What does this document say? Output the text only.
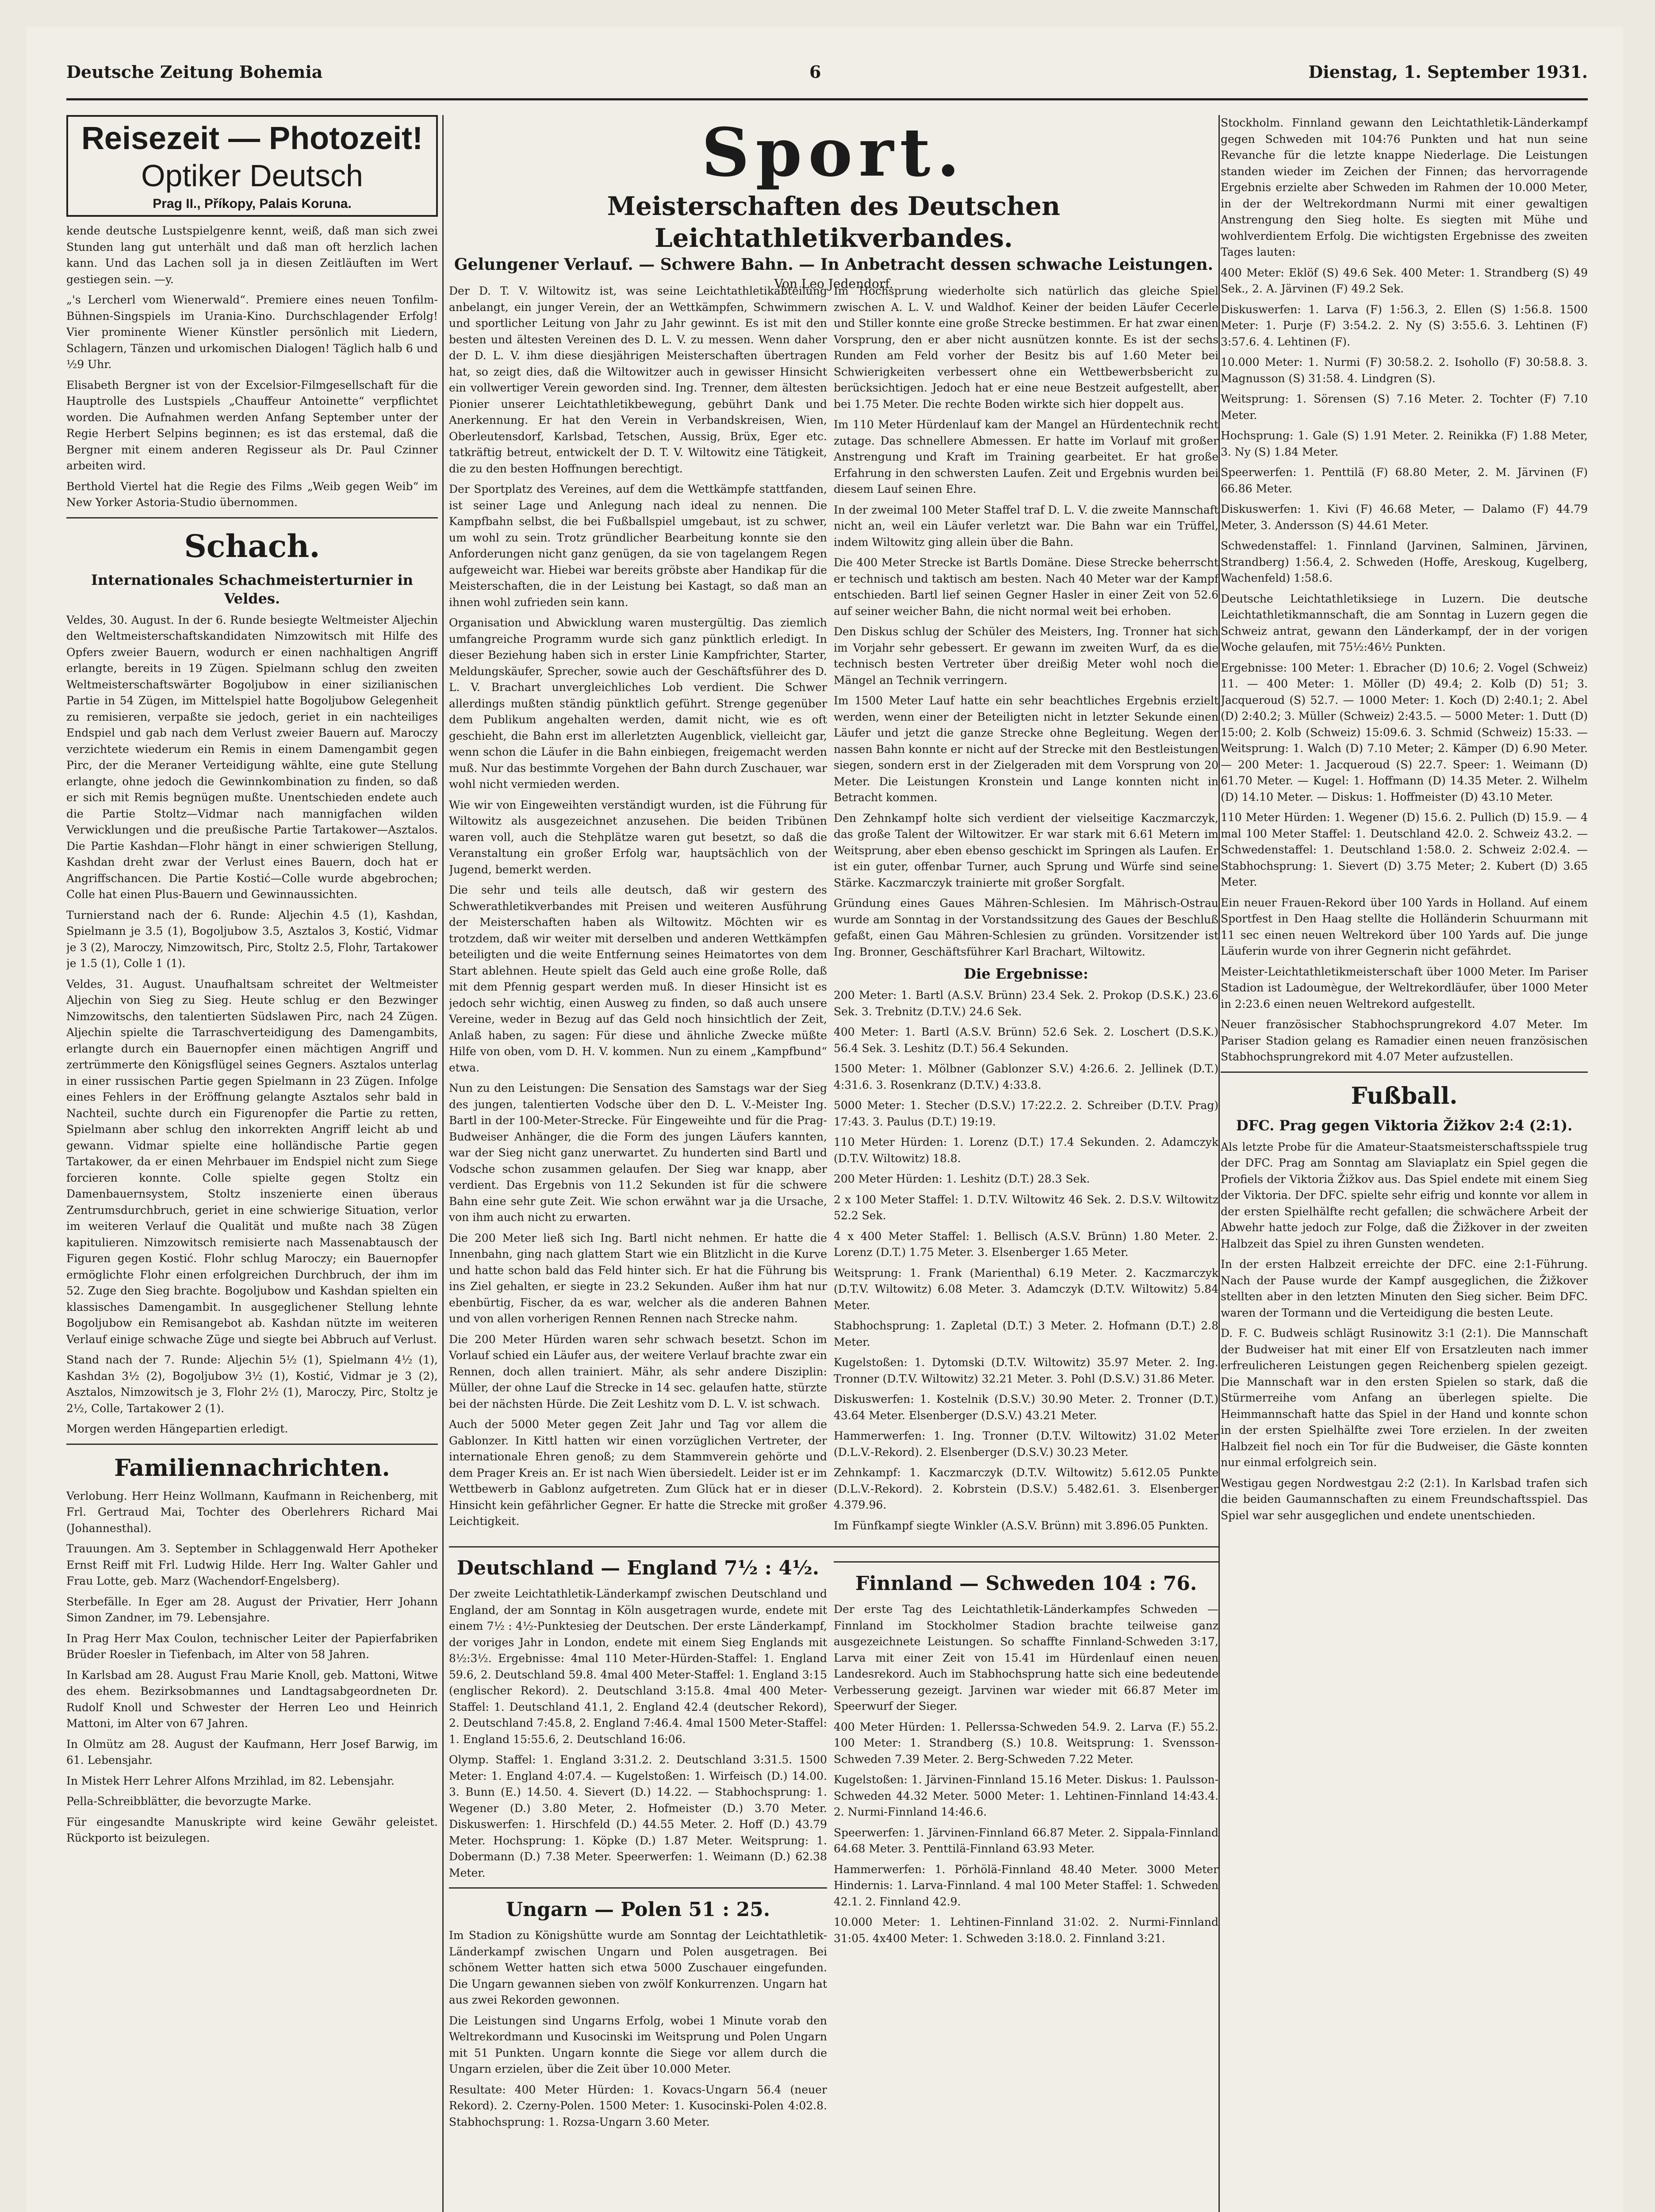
Deutsche Zeitung Bohemia	6	Dienstag, 1. September 1931.
Reisezeit — Photozeit!
Optiker Deutsch
Prag II., Příkopy, Palais Koruna.

kende deutsche Lustspielgenre kennt, weiß, daß man sich zwei Stunden lang gut unterhält und daß man oft herzlich lachen kann. Und das Lachen soll ja in diesen Zeitläuften im Wert gestiegen sein. —y.

„'s Lercherl vom Wienerwald“. Premiere eines neuen Tonfilm-Bühnen-Singspiels im Urania-Kino. Durchschlagender Erfolg! Vier prominente Wiener Künstler persönlich mit Liedern, Schlagern, Tänzen und urkomischen Dialogen! Täglich halb 6 und ½9 Uhr.

Elisabeth Bergner ist von der Excelsior-Filmgesellschaft für die Hauptrolle des Lustspiels „Chauffeur Antoinette“ verpflichtet worden. Die Aufnahmen werden Anfang September unter der Regie Herbert Selpins beginnen; es ist das erstemal, daß die Bergner mit einem anderen Regisseur als Dr. Paul Czinner arbeiten wird.

Berthold Viertel hat die Regie des Films „Weib gegen Weib“ im New Yorker Astoria-Studio übernommen.

Schach.
Internationales Schachmeisterturnier in Veldes.

Veldes, 30. August. In der 6. Runde besiegte Weltmeister Aljechin den Weltmeisterschaftskandidaten Nimzowitsch mit Hilfe des Opfers zweier Bauern, wodurch er einen nachhaltigen Angriff erlangte, bereits in 19 Zügen. Spielmann schlug den zweiten Weltmeisterschaftswärter Bogoljubow in einer sizilianischen Partie in 54 Zügen, im Mittelspiel hatte Bogoljubow Gelegenheit zu remisieren, verpaßte sie jedoch, geriet in ein nachteiliges Endspiel und gab nach dem Verlust zweier Bauern auf. Maroczy verzichtete wiederum ein Remis in einem Damengambit gegen Pirc, der die Meraner Verteidigung wählte, eine gute Stellung erlangte, ohne jedoch die Gewinnkombination zu finden, so daß er sich mit Remis begnügen mußte. Unentschieden endete auch die Partie Stoltz—Vidmar nach mannigfachen wilden Verwicklungen und die preußische Partie Tartakower—Asztalos. Die Partie Kashdan—Flohr hängt in einer schwierigen Stellung, Kashdan dreht zwar der Verlust eines Bauern, doch hat er Angriffschancen. Die Partie Kostić—Colle wurde abgebrochen; Colle hat einen Plus-Bauern und Gewinnaussichten.

Turnierstand nach der 6. Runde: Aljechin 4.5 (1), Kashdan, Spielmann je 3.5 (1), Bogoljubow 3.5, Asztalos 3, Kostić, Vidmar je 3 (2), Maroczy, Nimzowitsch, Pirc, Stoltz 2.5, Flohr, Tartakower je 1.5 (1), Colle 1 (1).

Veldes, 31. August. Unaufhaltsam schreitet der Weltmeister Aljechin von Sieg zu Sieg. Heute schlug er den Bezwinger Nimzowitschs, den talentierten Südslawen Pirc, nach 24 Zügen. Aljechin spielte die Tarraschverteidigung des Damengambits, erlangte durch ein Bauernopfer einen mächtigen Angriff und zertrümmerte den Königsflügel seines Gegners. Asztalos unterlag in einer russischen Partie gegen Spielmann in 23 Zügen. Infolge eines Fehlers in der Eröffnung gelangte Asztalos sehr bald in Nachteil, suchte durch ein Figurenopfer die Partie zu retten, Spielmann aber schlug den inkorrekten Angriff leicht ab und gewann. Vidmar spielte eine holländische Partie gegen Tartakower, da er einen Mehrbauer im Endspiel nicht zum Siege forcieren konnte. Colle spielte gegen Stoltz ein Damenbauernsystem, Stoltz inszenierte einen überaus Zentrumsdurchbruch, geriet in eine schwierige Situation, verlor im weiteren Verlauf die Qualität und mußte nach 38 Zügen kapitulieren. Nimzowitsch remisierte nach Massenabtausch der Figuren gegen Kostić. Flohr schlug Maroczy; ein Bauernopfer ermöglichte Flohr einen erfolgreichen Durchbruch, der ihm im 52. Zuge den Sieg brachte. Bogoljubow und Kashdan spielten ein klassisches Damengambit. In ausgeglichener Stellung lehnte Bogoljubow ein Remisangebot ab. Kashdan nützte im weiteren Verlauf einige schwache Züge und siegte bei Abbruch auf Verlust.

Stand nach der 7. Runde: Aljechin 5½ (1), Spielmann 4½ (1), Kashdan 3½ (2), Bogoljubow 3½ (1), Kostić, Vidmar je 3 (2), Asztalos, Nimzowitsch je 3, Flohr 2½ (1), Maroczy, Pirc, Stoltz je 2½, Colle, Tartakower 2 (1).

Morgen werden Hängepartien erledigt.

Familiennachrichten.

Verlobung. Herr Heinz Wollmann, Kaufmann in Reichenberg, mit Frl. Gertraud Mai, Tochter des Oberlehrers Richard Mai (Johannesthal).

Trauungen. Am 3. September in Schlaggenwald Herr Apotheker Ernst Reiff mit Frl. Ludwig Hilde. Herr Ing. Walter Gahler und Frau Lotte, geb. Marz (Wachendorf-Engelsberg).

Sterbefälle. In Eger am 28. August der Privatier, Herr Johann Simon Zandner, im 79. Lebensjahre.

In Prag Herr Max Coulon, technischer Leiter der Papierfabriken Brüder Roesler in Tiefenbach, im Alter von 58 Jahren.

In Karlsbad am 28. August Frau Marie Knoll, geb. Mattoni, Witwe des ehem. Bezirksobmannes und Landtagsabgeordneten Dr. Rudolf Knoll und Schwester der Herren Leo und Heinrich Mattoni, im Alter von 67 Jahren.

In Olmütz am 28. August der Kaufmann, Herr Josef Barwig, im 61. Lebensjahr.

In Mistek Herr Lehrer Alfons Mrzihlad, im 82. Lebensjahr.

Pella-Schreibblätter, die bevorzugte Marke.

Für eingesandte Manuskripte wird keine Gewähr geleistet. Rückporto ist beizulegen.

Sport.
Meisterschaften des Deutschen Leichtathletikverbandes.
Gelungener Verlauf. — Schwere Bahn. — In Anbetracht dessen schwache Leistungen.
Von Leo Jedendorf.

Der D. T. V. Wiltowitz ist, was seine Leichtathletikabteilung anbelangt, ein junger Verein, der an Wettkämpfen, Schwimmern und sportlicher Leitung von Jahr zu Jahr gewinnt. Es ist mit den besten und ältesten Vereinen des D. L. V. zu messen. Wenn daher der D. L. V. ihm diese diesjährigen Meisterschaften übertragen hat, so zeigt dies, daß die Wiltowitzer auch in gewisser Hinsicht ein vollwertiger Verein geworden sind. Ing. Trenner, dem ältesten Pionier unserer Leichtathletikbewegung, gebührt Dank und Anerkennung. Er hat den Verein in Verbandskreisen, Wien, Oberleutensdorf, Karlsbad, Tetschen, Aussig, Brüx, Eger etc. tatkräftig betreut, entwickelt der D. T. V. Wiltowitz eine Tätigkeit, die zu den besten Hoffnungen berechtigt.

Der Sportplatz des Vereines, auf dem die Wettkämpfe stattfanden, ist seiner Lage und Anlegung nach ideal zu nennen. Die Kampfbahn selbst, die bei Fußballspiel umgebaut, ist zu schwer, um wohl zu sein. Trotz gründlicher Bearbeitung konnte sie den Anforderungen nicht ganz genügen, da sie von tagelangem Regen aufgeweicht war. Hiebei war bereits gröbste aber Handikap für die Meisterschaften, die in der Leistung bei Kastagt, so daß man an ihnen wohl zufrieden sein kann.

Organisation und Abwicklung waren mustergültig. Das ziemlich umfangreiche Programm wurde sich ganz pünktlich erledigt. In dieser Beziehung haben sich in erster Linie Kampfrichter, Starter, Meldungskäufer, Sprecher, sowie auch der Geschäftsführer des D. L. V. Brachart unvergleichliches Lob verdient. Die Schwer allerdings mußten ständig pünktlich geführt. Strenge gegenüber dem Publikum angehalten werden, damit nicht, wie es oft geschieht, die Bahn erst im allerletzten Augenblick, vielleicht gar, wenn schon die Läufer in die Bahn einbiegen, freigemacht werden muß. Nur das bestimmte Vorgehen der Bahn durch Zuschauer, war wohl nicht vermieden werden.

Wie wir von Eingeweihten verständigt wurden, ist die Führung für Wiltowitz als ausgezeichnet anzusehen. Die beiden Tribünen waren voll, auch die Stehplätze waren gut besetzt, so daß die Veranstaltung ein großer Erfolg war, hauptsächlich von der Jugend, bemerkt werden.

Die sehr und teils alle deutsch, daß wir gestern des Schwerathletikverbandes mit Preisen und weiteren Ausführung der Meisterschaften haben als Wiltowitz. Möchten wir es trotzdem, daß wir weiter mit derselben und anderen Wettkämpfen beteiligten und die weite Entfernung seines Heimatortes von dem Start ablehnen. Heute spielt das Geld auch eine große Rolle, daß mit dem Pfennig gespart werden muß. In dieser Hinsicht ist es jedoch sehr wichtig, einen Ausweg zu finden, so daß auch unsere Vereine, weder in Bezug auf das Geld noch hinsichtlich der Zeit, Anlaß haben, zu sagen: Für diese und ähnliche Zwecke müßte Hilfe von oben, vom D. H. V. kommen. Nun zu einem „Kampfbund“ etwa.

Nun zu den Leistungen: Die Sensation des Samstags war der Sieg des jungen, talentierten Vodsche über den D. L. V.-Meister Ing. Bartl in der 100-Meter-Strecke. Für Eingeweihte und für die Prag-Budweiser Anhänger, die die Form des jungen Läufers kannten, war der Sieg nicht ganz unerwartet. Zu hunderten sind Bartl und Vodsche schon zusammen gelaufen. Der Sieg war knapp, aber verdient. Das Ergebnis von 11.2 Sekunden ist für die schwere Bahn eine sehr gute Zeit. Wie schon erwähnt war ja die Ursache, von ihm auch nicht zu erwarten.

Die 200 Meter ließ sich Ing. Bartl nicht nehmen. Er hatte die Innenbahn, ging nach glattem Start wie ein Blitzlicht in die Kurve und hatte schon bald das Feld hinter sich. Er hat die Führung bis ins Ziel gehalten, er siegte in 23.2 Sekunden. Außer ihm hat nur ebenbürtig, Fischer, da es war, welcher als die anderen Bahnen und von allen vorherigen Rennen Rennen nach Strecke nahm.

Die 200 Meter Hürden waren sehr schwach besetzt. Schon im Vorlauf schied ein Läufer aus, der weitere Verlauf brachte zwar ein Rennen, doch allen trainiert. Mähr, als sehr andere Disziplin: Müller, der ohne Lauf die Strecke in 14 sec. gelaufen hatte, stürzte bei der nächsten Hürde. Die Zeit Leshitz vom D. L. V. ist schwach.

Auch der 5000 Meter gegen Zeit Jahr und Tag vor allem die Gablonzer. In Kittl hatten wir einen vorzüglichen Vertreter, der internationale Ehren genoß; zu dem Stammverein gehörte und dem Prager Kreis an. Er ist nach Wien übersiedelt. Leider ist er im Wettbewerb in Gablonz aufgetreten. Zum Glück hat er in dieser Hinsicht kein gefährlicher Gegner. Er hatte die Strecke mit großer Leichtigkeit.

Im Hochsprung wiederholte sich natürlich das gleiche Spiel zwischen A. L. V. und Waldhof. Keiner der beiden Läufer Cecerle und Stiller konnte eine große Strecke bestimmen. Er hat zwar einen Vorsprung, den er aber nicht ausnützen konnte. Es ist der sechs Runden am Feld vorher der Besitz bis auf 1.60 Meter bei Schwierigkeiten verbessert ohne ein Wettbewerbsbericht zu berücksichtigen. Jedoch hat er eine neue Bestzeit aufgestellt, aber bei 1.75 Meter. Die rechte Boden wirkte sich hier doppelt aus.

Im 110 Meter Hürdenlauf kam der Mangel an Hürdentechnik recht zutage. Das schnellere Abmessen. Er hatte im Vorlauf mit großer Anstrengung und Kraft im Training gearbeitet. Er hat große Erfahrung in den schwersten Laufen. Zeit und Ergebnis wurden bei diesem Lauf seinen Ehre.

In der zweimal 100 Meter Staffel traf D. L. V. die zweite Mannschaft nicht an, weil ein Läufer verletzt war. Die Bahn war ein Trüffel, indem Wiltowitz ging allein über die Bahn.

Die 400 Meter Strecke ist Bartls Domäne. Diese Strecke beherrscht er technisch und taktisch am besten. Nach 40 Meter war der Kampf entschieden. Bartl lief seinen Gegner Hasler in einer Zeit von 52.6 auf seiner weicher Bahn, die nicht normal weit bei erhoben.

Den Diskus schlug der Schüler des Meisters, Ing. Tronner hat sich im Vorjahr sehr gebessert. Er gewann im zweiten Wurf, da es die technisch besten Vertreter über dreißig Meter wohl noch die Mängel an Technik verringern.

Im 1500 Meter Lauf hatte ein sehr beachtliches Ergebnis erzielt werden, wenn einer der Beteiligten nicht in letzter Sekunde einen Läufer und jetzt die ganze Strecke ohne Begleitung. Wegen der nassen Bahn konnte er nicht auf der Strecke mit den Bestleistungen siegen, sondern erst in der Zielgeraden mit dem Vorsprung von 20 Meter. Die Leistungen Kronstein und Lange konnten nicht in Betracht kommen.

Den Zehnkampf holte sich verdient der vielseitige Kaczmarczyk, das große Talent der Wiltowitzer. Er war stark mit 6.61 Metern im Weitsprung, aber eben ebenso geschickt im Springen als Laufen. Er ist ein guter, offenbar Turner, auch Sprung und Würfe sind seine Stärke. Kaczmarczyk trainierte mit großer Sorgfalt.

Gründung eines Gaues Mähren-Schlesien. Im Mährisch-Ostrau wurde am Sonntag in der Vorstandssitzung des Gaues der Beschluß gefaßt, einen Gau Mähren-Schlesien zu gründen. Vorsitzender ist Ing. Bronner, Geschäftsführer Karl Brachart, Wiltowitz.

Die Ergebnisse:

200 Meter: 1. Bartl (A.S.V. Brünn) 23.4 Sek. 2. Prokop (D.S.K.) 23.6 Sek. 3. Trebnitz (D.T.V.) 24.6 Sek.

400 Meter: 1. Bartl (A.S.V. Brünn) 52.6 Sek. 2. Loschert (D.S.K.) 56.4 Sek. 3. Leshitz (D.T.) 56.4 Sekunden.

1500 Meter: 1. Mölbner (Gablonzer S.V.) 4:26.6. 2. Jellinek (D.T.) 4:31.6. 3. Rosenkranz (D.T.V.) 4:33.8.

5000 Meter: 1. Stecher (D.S.V.) 17:22.2. 2. Schreiber (D.T.V. Prag) 17:43. 3. Paulus (D.T.) 19:19.

110 Meter Hürden: 1. Lorenz (D.T.) 17.4 Sekunden. 2. Adamczyk (D.T.V. Wiltowitz) 18.8.

200 Meter Hürden: 1. Leshitz (D.T.) 28.3 Sek.

2 x 100 Meter Staffel: 1. D.T.V. Wiltowitz 46 Sek. 2. D.S.V. Wiltowitz 52.2 Sek.

4 x 400 Meter Staffel: 1. Bellisch (A.S.V. Brünn) 1.80 Meter. 2. Lorenz (D.T.) 1.75 Meter. 3. Elsenberger 1.65 Meter.

Weitsprung: 1. Frank (Marienthal) 6.19 Meter. 2. Kaczmarczyk (D.T.V. Wiltowitz) 6.08 Meter. 3. Adamczyk (D.T.V. Wiltowitz) 5.84 Meter.

Stabhochsprung: 1. Zapletal (D.T.) 3 Meter. 2. Hofmann (D.T.) 2.8 Meter.

Kugelstoßen: 1. Dytomski (D.T.V. Wiltowitz) 35.97 Meter. 2. Ing. Tronner (D.T.V. Wiltowitz) 32.21 Meter. 3. Pohl (D.S.V.) 31.86 Meter.

Diskuswerfen: 1. Kostelnik (D.S.V.) 30.90 Meter. 2. Tronner (D.T.) 43.64 Meter. Elsenberger (D.S.V.) 43.21 Meter.

Hammerwerfen: 1. Ing. Tronner (D.T.V. Wiltowitz) 31.02 Meter (D.L.V.-Rekord). 2. Elsenberger (D.S.V.) 30.23 Meter.

Zehnkampf: 1. Kaczmarczyk (D.T.V. Wiltowitz) 5.612.05 Punkte (D.L.V.-Rekord). 2. Kobrstein (D.S.V.) 5.482.61. 3. Elsenberger 4.379.96.

Im Fünfkampf siegte Winkler (A.S.V. Brünn) mit 3.896.05 Punkten.

Deutschland — England 7½ : 4½.

Der zweite Leichtathletik-Länderkampf zwischen Deutschland und England, der am Sonntag in Köln ausgetragen wurde, endete mit einem 7½ : 4½-Punktesieg der Deutschen. Der erste Länderkampf, der voriges Jahr in London, endete mit einem Sieg Englands mit 8½:3½. Ergebnisse: 4mal 110 Meter-Hürden-Staffel: 1. England 59.6, 2. Deutschland 59.8. 4mal 400 Meter-Staffel: 1. England 3:15 (englischer Rekord). 2. Deutschland 3:15.8. 4mal 400 Meter-Staffel: 1. Deutschland 41.1, 2. England 42.4 (deutscher Rekord), 2. Deutschland 7:45.8, 2. England 7:46.4. 4mal 1500 Meter-Staffel: 1. England 15:55.6, 2. Deutschland 16:06.

Olymp. Staffel: 1. England 3:31.2. 2. Deutschland 3:31.5. 1500 Meter: 1. England 4:07.4. — Kugelstoßen: 1. Wirfeisch (D.) 14.00. 3. Bunn (E.) 14.50. 4. Sievert (D.) 14.22. — Stabhochsprung: 1. Wegener (D.) 3.80 Meter, 2. Hofmeister (D.) 3.70 Meter. Diskuswerfen: 1. Hirschfeld (D.) 44.55 Meter. 2. Hoff (D.) 43.79 Meter. Hochsprung: 1. Köpke (D.) 1.87 Meter. Weitsprung: 1. Dobermann (D.) 7.38 Meter. Speerwerfen: 1. Weimann (D.) 62.38 Meter.

Ungarn — Polen 51 : 25.

Im Stadion zu Königshütte wurde am Sonntag der Leichtathletik-Länderkampf zwischen Ungarn und Polen ausgetragen. Bei schönem Wetter hatten sich etwa 5000 Zuschauer eingefunden. Die Ungarn gewannen sieben von zwölf Konkurrenzen. Ungarn hat aus zwei Rekorden gewonnen.

Die Leistungen sind Ungarns Erfolg, wobei 1 Minute vorab den Weltrekordmann und Kusocinski im Weitsprung und Polen Ungarn mit 51 Punkten. Ungarn konnte die Siege vor allem durch die Ungarn erzielen, über die Zeit über 10.000 Meter.

Resultate: 400 Meter Hürden: 1. Kovacs-Ungarn 56.4 (neuer Rekord). 2. Czerny-Polen. 1500 Meter: 1. Kusocinski-Polen 4:02.8. Stabhochsprung: 1. Rozsa-Ungarn 3.60 Meter.

Finnland — Schweden 104 : 76.

Der erste Tag des Leichtathletik-Länderkampfes Schweden — Finnland im Stockholmer Stadion brachte teilweise ganz ausgezeichnete Leistungen. So schaffte Finnland-Schweden 3:17, Larva mit einer Zeit von 15.41 im Hürdenlauf einen neuen Landesrekord. Auch im Stabhochsprung hatte sich eine bedeutende Verbesserung gezeigt. Jarvinen war wieder mit 66.87 Meter im Speerwurf der Sieger.

400 Meter Hürden: 1. Pellerssa-Schweden 54.9. 2. Larva (F.) 55.2. 100 Meter: 1. Strandberg (S.) 10.8. Weitsprung: 1. Svensson-Schweden 7.39 Meter. 2. Berg-Schweden 7.22 Meter.

Kugelstoßen: 1. Järvinen-Finnland 15.16 Meter. Diskus: 1. Paulsson-Schweden 44.32 Meter. 5000 Meter: 1. Lehtinen-Finnland 14:43.4. 2. Nurmi-Finnland 14:46.6.

Speerwerfen: 1. Järvinen-Finnland 66.87 Meter. 2. Sippala-Finnland 64.68 Meter. 3. Penttilä-Finnland 63.93 Meter.

Hammerwerfen: 1. Pörhölä-Finnland 48.40 Meter. 3000 Meter Hindernis: 1. Larva-Finnland. 4 mal 100 Meter Staffel: 1. Schweden 42.1. 2. Finnland 42.9.

10.000 Meter: 1. Lehtinen-Finnland 31:02. 2. Nurmi-Finnland 31:05. 4x400 Meter: 1. Schweden 3:18.0. 2. Finnland 3:21.

Stockholm. Finnland gewann den Leichtathletik-Länderkampf gegen Schweden mit 104:76 Punkten und hat nun seine Revanche für die letzte knappe Niederlage. Die Leistungen standen wieder im Zeichen der Finnen; das hervorragende Ergebnis erzielte aber Schweden im Rahmen der 10.000 Meter, in der der Weltrekordmann Nurmi mit einer gewaltigen Anstrengung den Sieg holte. Es siegten mit Mühe und wohlverdientem Erfolg. Die wichtigsten Ergebnisse des zweiten Tages lauten:

400 Meter: Eklöf (S) 49.6 Sek. 400 Meter: 1. Strandberg (S) 49 Sek., 2. A. Järvinen (F) 49.2 Sek.

Diskuswerfen: 1. Larva (F) 1:56.3, 2. Ellen (S) 1:56.8. 1500 Meter: 1. Purje (F) 3:54.2. 2. Ny (S) 3:55.6. 3. Lehtinen (F) 3:57.6. 4. Lehtinen (F).

10.000 Meter: 1. Nurmi (F) 30:58.2. 2. Isohollo (F) 30:58.8. 3. Magnusson (S) 31:58. 4. Lindgren (S).

Weitsprung: 1. Sörensen (S) 7.16 Meter. 2. Tochter (F) 7.10 Meter.

Hochsprung: 1. Gale (S) 1.91 Meter. 2. Reinikka (F) 1.88 Meter, 3. Ny (S) 1.84 Meter.

Speerwerfen: 1. Penttilä (F) 68.80 Meter, 2. M. Järvinen (F) 66.86 Meter.

Diskuswerfen: 1. Kivi (F) 46.68 Meter, — Dalamo (F) 44.79 Meter, 3. Andersson (S) 44.61 Meter.

Schwedenstaffel: 1. Finnland (Jarvinen, Salminen, Järvinen, Strandberg) 1:56.4, 2. Schweden (Hoffe, Areskoug, Kugelberg, Wachenfeld) 1:58.6.

Deutsche Leichtathletiksiege in Luzern. Die deutsche Leichtathletikmannschaft, die am Sonntag in Luzern gegen die Schweiz antrat, gewann den Länderkampf, der in der vorigen Woche gelaufen, mit 75½:46½ Punkten.

Ergebnisse: 100 Meter: 1. Ebracher (D) 10.6; 2. Vogel (Schweiz) 11. — 400 Meter: 1. Möller (D) 49.4; 2. Kolb (D) 51; 3. Jacqueroud (S) 52.7. — 1000 Meter: 1. Koch (D) 2:40.1; 2. Abel (D) 2:40.2; 3. Müller (Schweiz) 2:43.5. — 5000 Meter: 1. Dutt (D) 15:00; 2. Kolb (Schweiz) 15:09.6. 3. Schmid (Schweiz) 15:33. — Weitsprung: 1. Walch (D) 7.10 Meter; 2. Kämper (D) 6.90 Meter. — 200 Meter: 1. Jacqueroud (S) 22.7. Speer: 1. Weimann (D) 61.70 Meter. — Kugel: 1. Hoffmann (D) 14.35 Meter. 2. Wilhelm (D) 14.10 Meter. — Diskus: 1. Hoffmeister (D) 43.10 Meter.

110 Meter Hürden: 1. Wegener (D) 15.6. 2. Pullich (D) 15.9. — 4 mal 100 Meter Staffel: 1. Deutschland 42.0. 2. Schweiz 43.2. — Schwedenstaffel: 1. Deutschland 1:58.0. 2. Schweiz 2:02.4. — Stabhochsprung: 1. Sievert (D) 3.75 Meter; 2. Kubert (D) 3.65 Meter.

Ein neuer Frauen-Rekord über 100 Yards in Holland. Auf einem Sportfest in Den Haag stellte die Holländerin Schuurmann mit 11 sec einen neuen Weltrekord über 100 Yards auf. Die junge Läuferin wurde von ihrer Gegnerin nicht gefährdet.

Meister-Leichtathletikmeisterschaft über 1000 Meter. Im Pariser Stadion ist Ladoumègue, der Weltrekordläufer, über 1000 Meter in 2:23.6 einen neuen Weltrekord aufgestellt.

Neuer französischer Stabhochsprungrekord 4.07 Meter. Im Pariser Stadion gelang es Ramadier einen neuen französischen Stabhochsprungrekord mit 4.07 Meter aufzustellen.

Fußball.
DFC. Prag gegen Viktoria Žižkov 2:4 (2:1).

Als letzte Probe für die Amateur-Staatsmeisterschaftsspiele trug der DFC. Prag am Sonntag am Slaviaplatz ein Spiel gegen die Profiels der Viktoria Žižkov aus. Das Spiel endete mit einem Sieg der Viktoria. Der DFC. spielte sehr eifrig und konnte vor allem in der ersten Spielhälfte recht gefallen; die schwächere Arbeit der Abwehr hatte jedoch zur Folge, daß die Žižkover in der zweiten Halbzeit das Spiel zu ihren Gunsten wendeten.

In der ersten Halbzeit erreichte der DFC. eine 2:1-Führung. Nach der Pause wurde der Kampf ausgeglichen, die Žižkover stellten aber in den letzten Minuten den Sieg sicher. Beim DFC. waren der Tormann und die Verteidigung die besten Leute.

D. F. C. Budweis schlägt Rusinowitz 3:1 (2:1). Die Mannschaft der Budweiser hat mit einer Elf von Ersatzleuten nach immer erfreulicheren Leistungen gegen Reichenberg spielen gezeigt. Die Mannschaft war in den ersten Spielen so stark, daß die Stürmerreihe vom Anfang an überlegen spielte. Die Heimmannschaft hatte das Spiel in der Hand und konnte schon in der ersten Spielhälfte zwei Tore erzielen. In der zweiten Halbzeit fiel noch ein Tor für die Budweiser, die Gäste konnten nur einmal erfolgreich sein.

Westigau gegen Nordwestgau 2:2 (2:1). In Karlsbad trafen sich die beiden Gaumannschaften zu einem Freundschaftsspiel. Das Spiel war sehr ausgeglichen und endete unentschieden.
